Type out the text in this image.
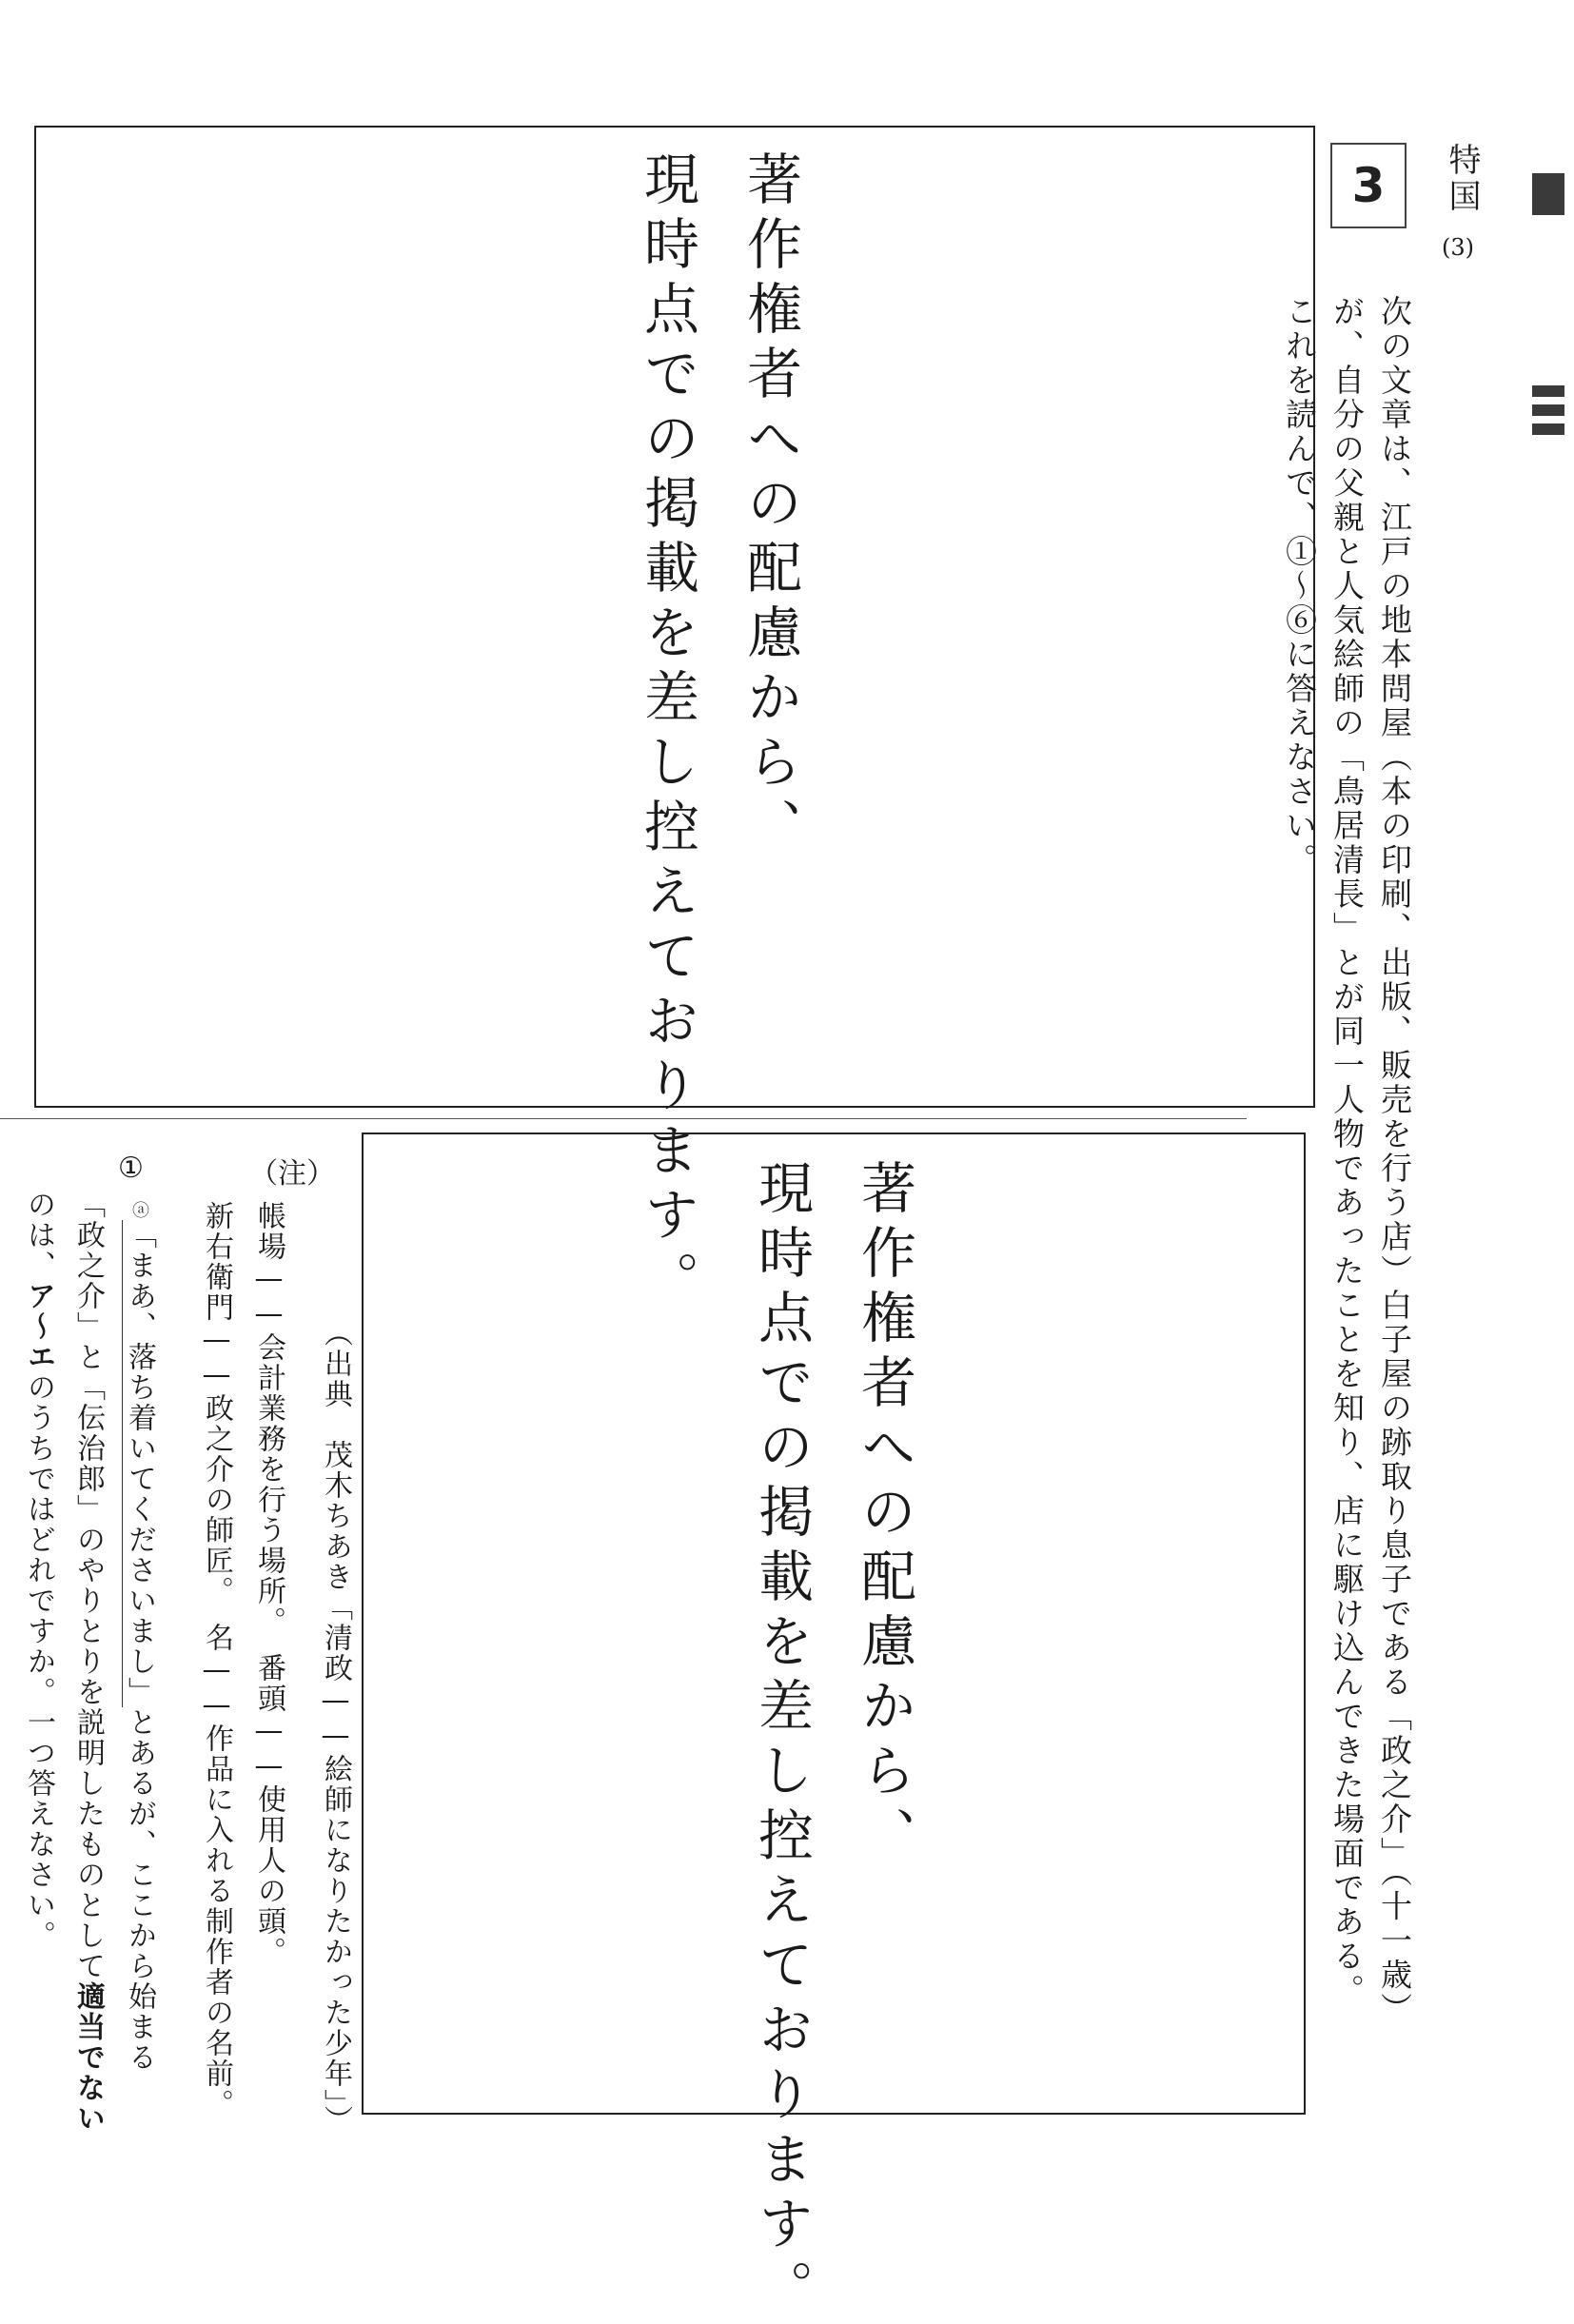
特国
(3)
3
次の文章は、江戸の地本問屋（本の印刷、出版、販売を行う店）白子屋の跡取り息子である「政之介」（十一歳）が、自分の父親と人気絵師の「鳥居清長」とが同一人物であったことを知り、店に駆け込んできた場面である。これを読んで、①〜⑥に答えなさい。
著作権者への配慮から、
現時点での掲載を差し控えております。
著作権者への配慮から、
現時点での掲載を差し控えております。
（出典　茂木ちあき「清政——絵師になりたかった少年」）
（注）
帳場——会計業務を行う場所。　番頭——使用人の頭。
新右衛門——政之介の師匠。　名——作品に入れる制作者の名前。
①
ⓐ「まあ、落ち着いてくださいまし」とあるが、ここから始まる
「政之介」と「伝治郎」のやりとりを説明したものとして適当でない
のは、ア〜エのうちではどれですか。一つ答えなさい。
